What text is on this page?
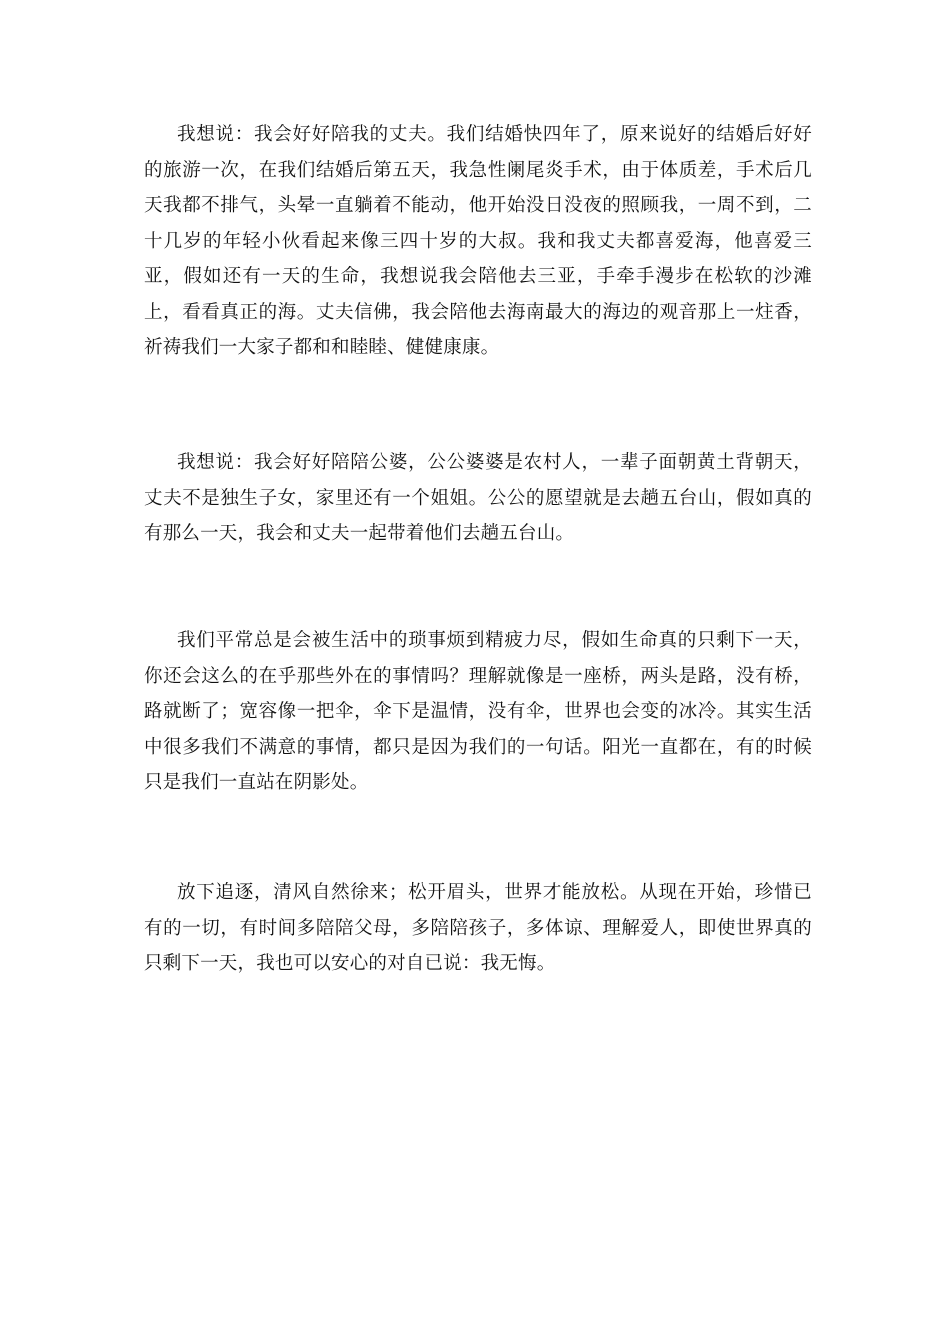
我想说：我会好好陪我的丈夫。我们结婚快四年了，原来说好的结婚后好好的旅游一次，在我们结婚后第五天，我急性阑尾炎手术，由于体质差，手术后几天我都不排气，头晕一直躺着不能动，他开始没日没夜的照顾我，一周不到，二十几岁的年轻小伙看起来像三四十岁的大叔。我和我丈夫都喜爱海，他喜爱三亚，假如还有一天的生命，我想说我会陪他去三亚，手牵手漫步在松软的沙滩上，看看真正的海。丈夫信佛，我会陪他去海南最大的海边的观音那上一炷香，祈祷我们一大家子都和和睦睦、健健康康。

我想说：我会好好陪陪公婆，公公婆婆是农村人，一辈子面朝黄土背朝天，丈夫不是独生子女，家里还有一个姐姐。公公的愿望就是去趟五台山，假如真的有那么一天，我会和丈夫一起带着他们去趟五台山。

我们平常总是会被生活中的琐事烦到精疲力尽，假如生命真的只剩下一天，你还会这么的在乎那些外在的事情吗？理解就像是一座桥，两头是路，没有桥，路就断了；宽容像一把伞，伞下是温情，没有伞，世界也会变的冰冷。其实生活中很多我们不满意的事情，都只是因为我们的一句话。阳光一直都在，有的时候只是我们一直站在阴影处。

放下追逐，清风自然徐来；松开眉头，世界才能放松。从现在开始，珍惜已有的一切，有时间多陪陪父母，多陪陪孩子，多体谅、理解爱人，即使世界真的只剩下一天，我也可以安心的对自已说：我无悔。
